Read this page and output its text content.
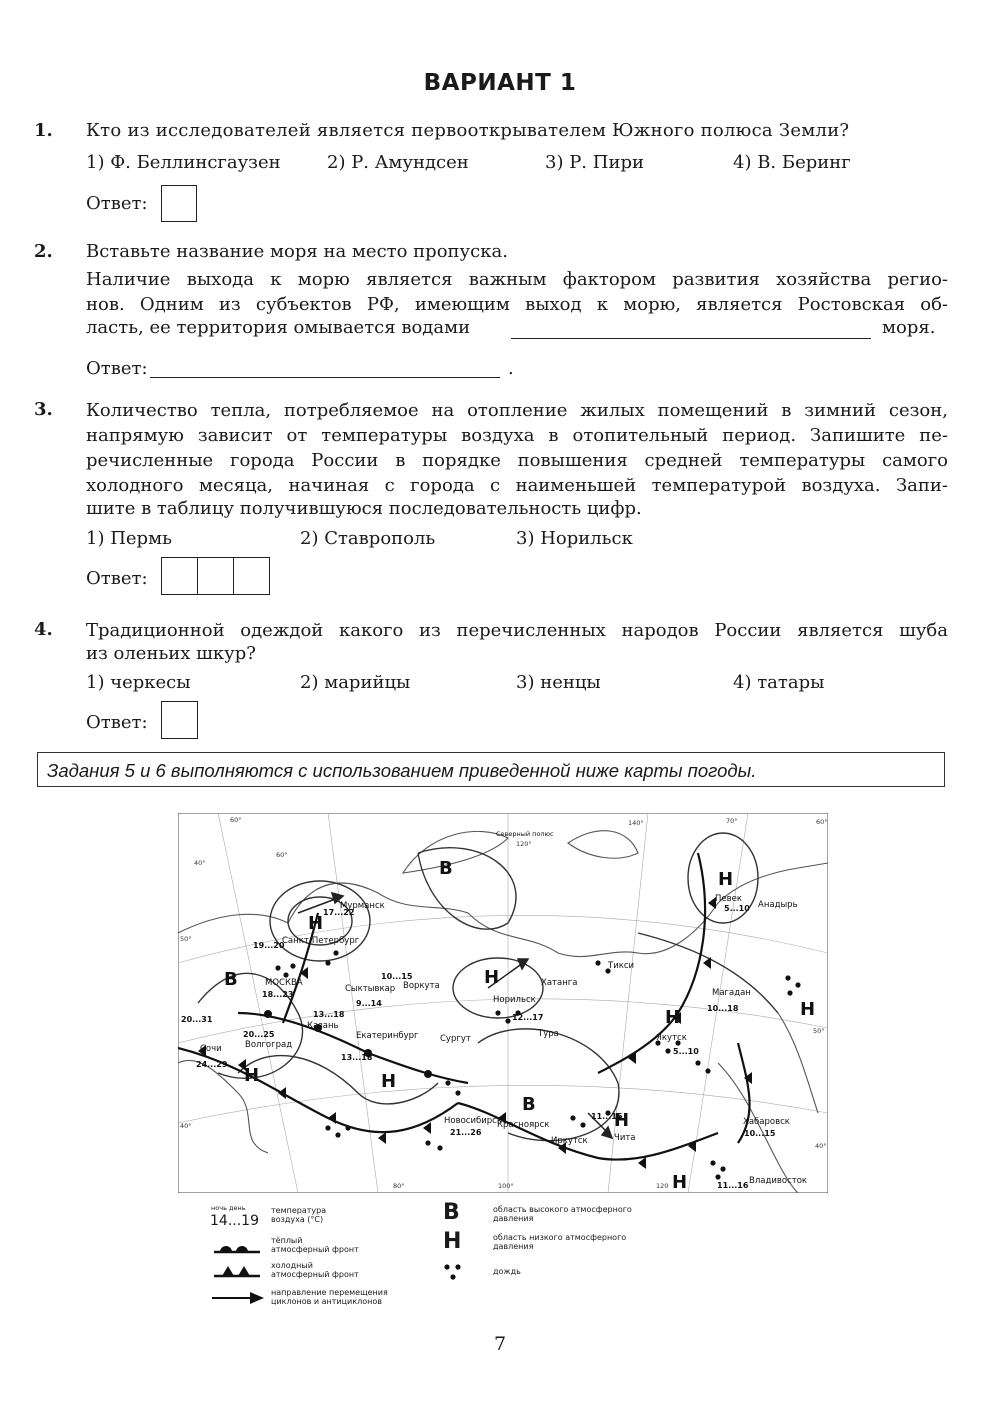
ВАРИАНТ 1
1. Кто из исследователей является первооткрывателем Южного полюса Земли?
1) Ф. Беллинсгаузен	2) Р. Амундсен	3) Р. Пири	4) В. Беринг
Ответ:
2. Вставьте название моря на место пропуска.
Наличие выхода к морю является важным фактором развития хозяйства регио-
нов. Одним из субъектов РФ, имеющим выход к морю, является Ростовская об-
ласть, ее территория омывается водами	моря.
Ответ:	.
3. Количество тепла, потребляемое на отопление жилых помещений в зимний сезон,
напрямую зависит от температуры воздуха в отопительный период. Запишите пе-
речисленные города России в порядке повышения средней температуры самого
холодного месяца, начиная с города с наименьшей температурой воздуха. Запи-
шите в таблицу получившуюся последовательность цифр.
1) Пермь	2) Ставрополь	3) Норильск
Ответ:
4. Традиционной одеждой какого из перечисленных народов России является шуба
из оленьих шкур?
1) черкесы	2) марийцы	3) ненцы	4) татары
Ответ:
Задания 5 и 6 выполняются с использованием приведенной ниже карты погоды.
В
В
В
Н
Н
Н
Н	Н
Н	Н
Н
Н
Мурманск
Санкт-Петербург
МОСКВА
Сыктывкар Воркута
Казань
Сочи	Волгоград
Екатеринбург	Сургут
Норильск
Хатанга
Тикси
Тура
Новосибирск
Красноярск
Иркутск	Чита
Якутск
Магадан
Певек
Анадырь
Хабаровск
Владивосток
Северный полюс
17...22
19...20
18...23
9...14
10...15
13...18
20...31
24...29
20...25
13...18
12...17
21...26
11...16
5...10
10...18
5...10
10...15
11...16
60°
40°
60°
80°	100°
120°
120
140°	70°	60°
50°
50°
40°
40°
ночь день
14...19
температура воздуха (°C)
тёплый атмосферный фронт
холодный атмосферный фронт
направление перемещения циклонов и антициклонов
В	область высокого атмосферного давления
Н	область низкого атмосферного давления
дождь
7
